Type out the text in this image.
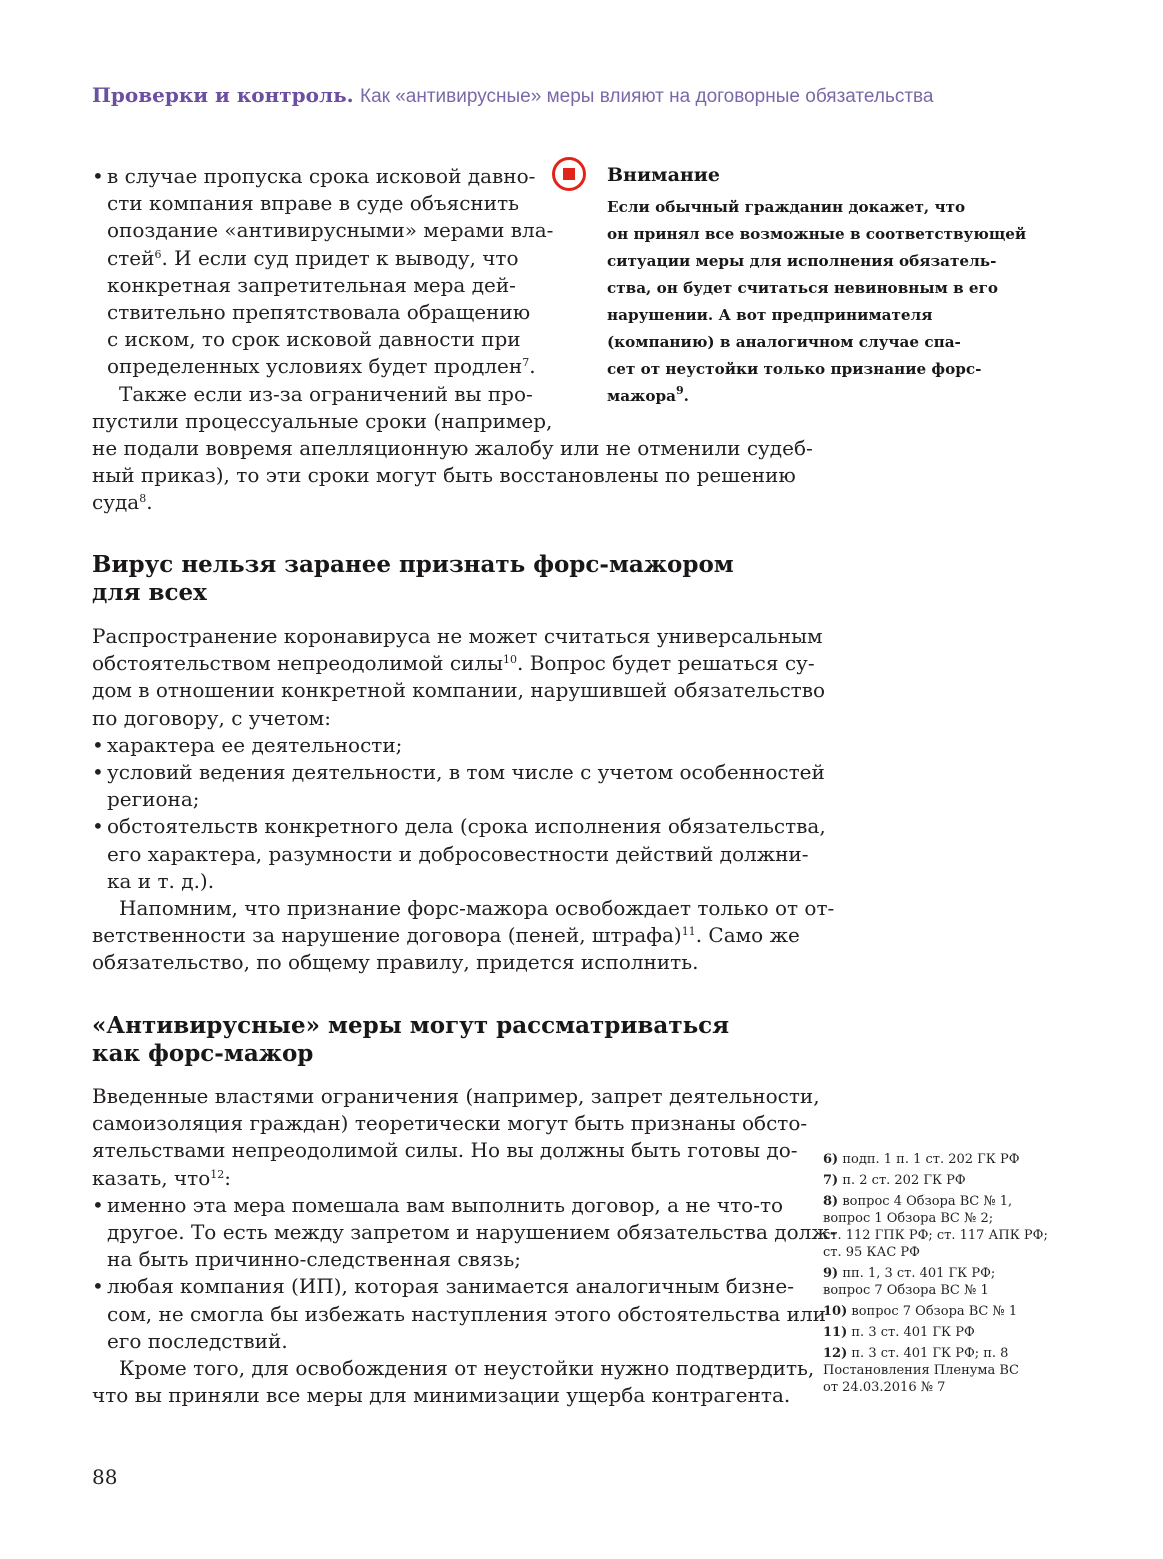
Проверки и контроль. Как «антивирусные» меры влияют на договорные обязательства
• в случае пропуска срока исковой давно-
сти компания вправе в суде объяснить
опоздание «антивирусными» мерами вла-
стей$^6$. И если суд придет к выводу, что
конкретная запретительная мера дей-
ствительно препятствовала обращению
с иском, то срок исковой давности при
определенных условиях будет продлен$^7$.
Также если из-за ограничений вы про-
пустили процессуальные сроки (например,
не подали вовремя апелляционную жалобу или не отменили судеб-
ный приказ), то эти сроки могут быть восстановлены по решению
суда$^8$.
Внимание
Если обычный гражданин докажет, что
он принял все возможные в соответствующей
ситуации меры для исполнения обязатель-
ства, он будет считаться невиновным в его
нарушении. А вот предпринимателя
(компанию) в аналогичном случае спа-
сет от неустойки только признание форс-
мажора$^9$.
Вирус нельзя заранее признать форс-мажором
для всех
Распространение коронавируса не может считаться универсальным
обстоятельством непреодолимой силы$^{10}$. Вопрос будет решаться су-
дом в отношении конкретной компании, нарушившей обязательство
по договору, с учетом:
• характера ее деятельности;
• условий ведения деятельности, в том числе с учетом особенностей
региона;
• обстоятельств конкретного дела (срока исполнения обязательства,
его характера, разумности и добросовестности действий должни-
ка и т. д.).
Напомним, что признание форс-мажора освобождает только от от-
ветственности за нарушение договора (пеней, штрафа)$^{11}$. Само же
обязательство, по общему правилу, придется исполнить.
«Антивирусные» меры могут рассматриваться
как форс-мажор
Введенные властями ограничения (например, запрет деятельности,
самоизоляция граждан) теоретически могут быть признаны обсто-
ятельствами непреодолимой силы. Но вы должны быть готовы до-
казать, что$^{12}$:
• именно эта мера помешала вам выполнить договор, а не что-то
другое. То есть между запретом и нарушением обязательства долж-
на быть причинно-следственная связь;
• любая компания (ИП), которая занимается аналогичным бизне-
сом, не смогла бы избежать наступления этого обстоятельства или
его последствий.
Кроме того, для освобождения от неустойки нужно подтвердить,
что вы приняли все меры для минимизации ущерба контрагента.
6) подп. 1 п. 1 ст. 202 ГК РФ
7) п. 2 ст. 202 ГК РФ
8) вопрос 4 Обзора ВС № 1,
вопрос 1 Обзора ВС № 2;
ст. 112 ГПК РФ; ст. 117 АПК РФ;
ст. 95 КАС РФ
9) пп. 1, 3 ст. 401 ГК РФ;
вопрос 7 Обзора ВС № 1
10) вопрос 7 Обзора ВС № 1
11) п. 3 ст. 401 ГК РФ
12) п. 3 ст. 401 ГК РФ; п. 8
Постановления Пленума ВС
от 24.03.2016 № 7
88
